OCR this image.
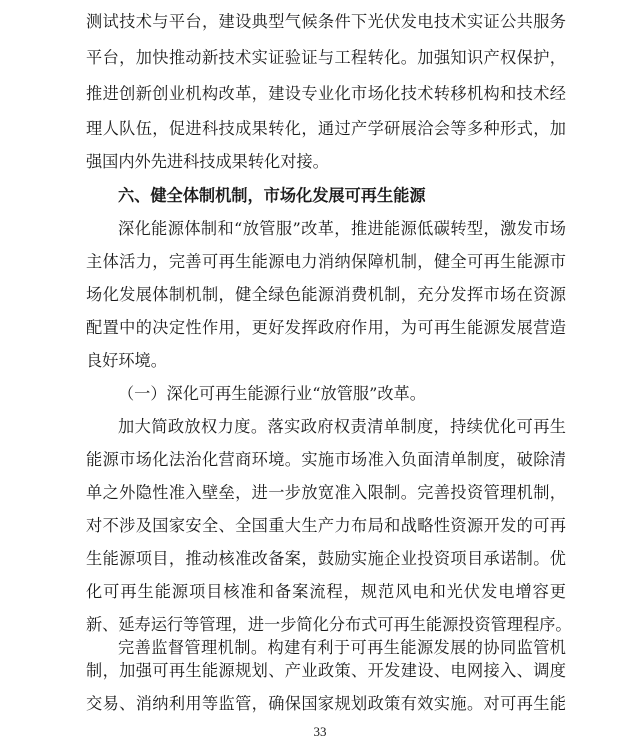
测试技术与平台，建设典型气候条件下光伏发电技术实证公共服务
平台，加快推动新技术实证验证与工程转化。加强知识产权保护，
推进创新创业机构改革，建设专业化市场化技术转移机构和技术经
理人队伍，促进科技成果转化，通过产学研展洽会等多种形式，加
强国内外先进科技成果转化对接。
六、健全体制机制，市场化发展可再生能源
深化能源体制和“放管服”改革，推进能源低碳转型，激发市场
主体活力，完善可再生能源电力消纳保障机制，健全可再生能源市
场化发展体制机制，健全绿色能源消费机制，充分发挥市场在资源
配置中的决定性作用，更好发挥政府作用，为可再生能源发展营造
良好环境。
（一）深化可再生能源行业“放管服”改革。
加大简政放权力度。落实政府权责清单制度，持续优化可再生
能源市场化法治化营商环境。实施市场准入负面清单制度，破除清
单之外隐性准入壁垒，进一步放宽准入限制。完善投资管理机制，
对不涉及国家安全、全国重大生产力布局和战略性资源开发的可再
生能源项目，推动核准改备案，鼓励实施企业投资项目承诺制。优
化可再生能源项目核准和备案流程，规范风电和光伏发电增容更
新、延寿运行等管理，进一步简化分布式可再生能源投资管理程序。
完善监督管理机制。构建有利于可再生能源发展的协同监管机
制，加强可再生能源规划、产业政策、开发建设、电网接入、调度
交易、消纳利用等监管，确保国家规划政策有效实施。对可再生能
33
